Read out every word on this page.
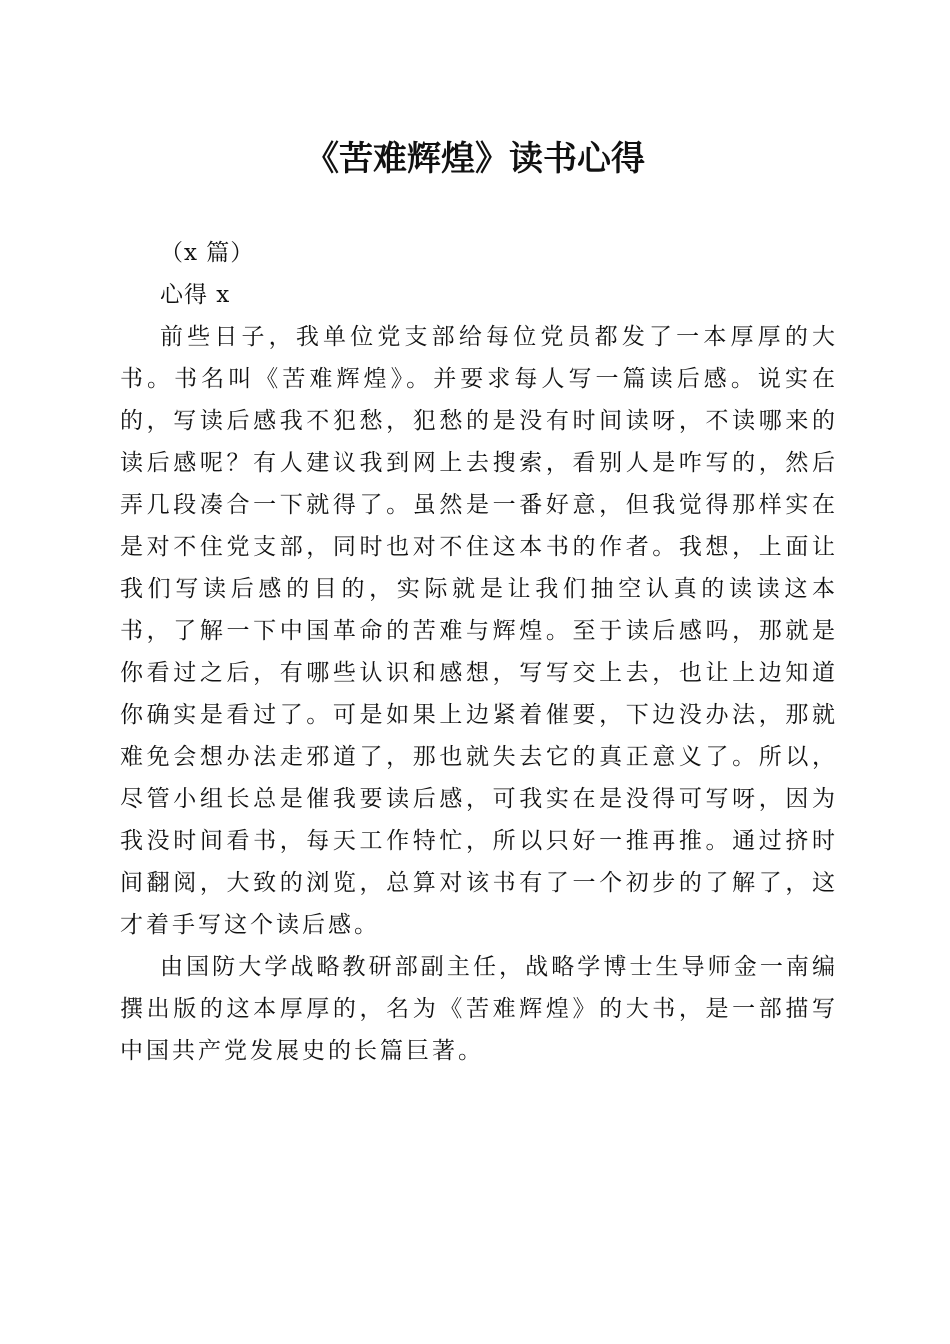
《苦难辉煌》读书心得

（x 篇）

心得 x

前些日子，我单位党支部给每位党员都发了一本厚厚的大书。书名叫《苦难辉煌》。并要求每人写一篇读后感。说实在的，写读后感我不犯愁，犯愁的是没有时间读呀，不读哪来的读后感呢？有人建议我到网上去搜索，看别人是咋写的，然后弄几段凑合一下就得了。虽然是一番好意，但我觉得那样实在是对不住党支部，同时也对不住这本书的作者。我想，上面让我们写读后感的目的，实际就是让我们抽空认真的读读这本书，了解一下中国革命的苦难与辉煌。至于读后感吗，那就是你看过之后，有哪些认识和感想，写写交上去，也让上边知道你确实是看过了。可是如果上边紧着催要，下边没办法，那就难免会想办法走邪道了，那也就失去它的真正意义了。所以，尽管小组长总是催我要读后感，可我实在是没得可写呀，因为我没时间看书，每天工作特忙，所以只好一推再推。通过挤时间翻阅，大致的浏览，总算对该书有了一个初步的了解了，这才着手写这个读后感。

由国防大学战略教研部副主任，战略学博士生导师金一南编撰出版的这本厚厚的，名为《苦难辉煌》的大书，是一部描写中国共产党发展史的长篇巨著。
